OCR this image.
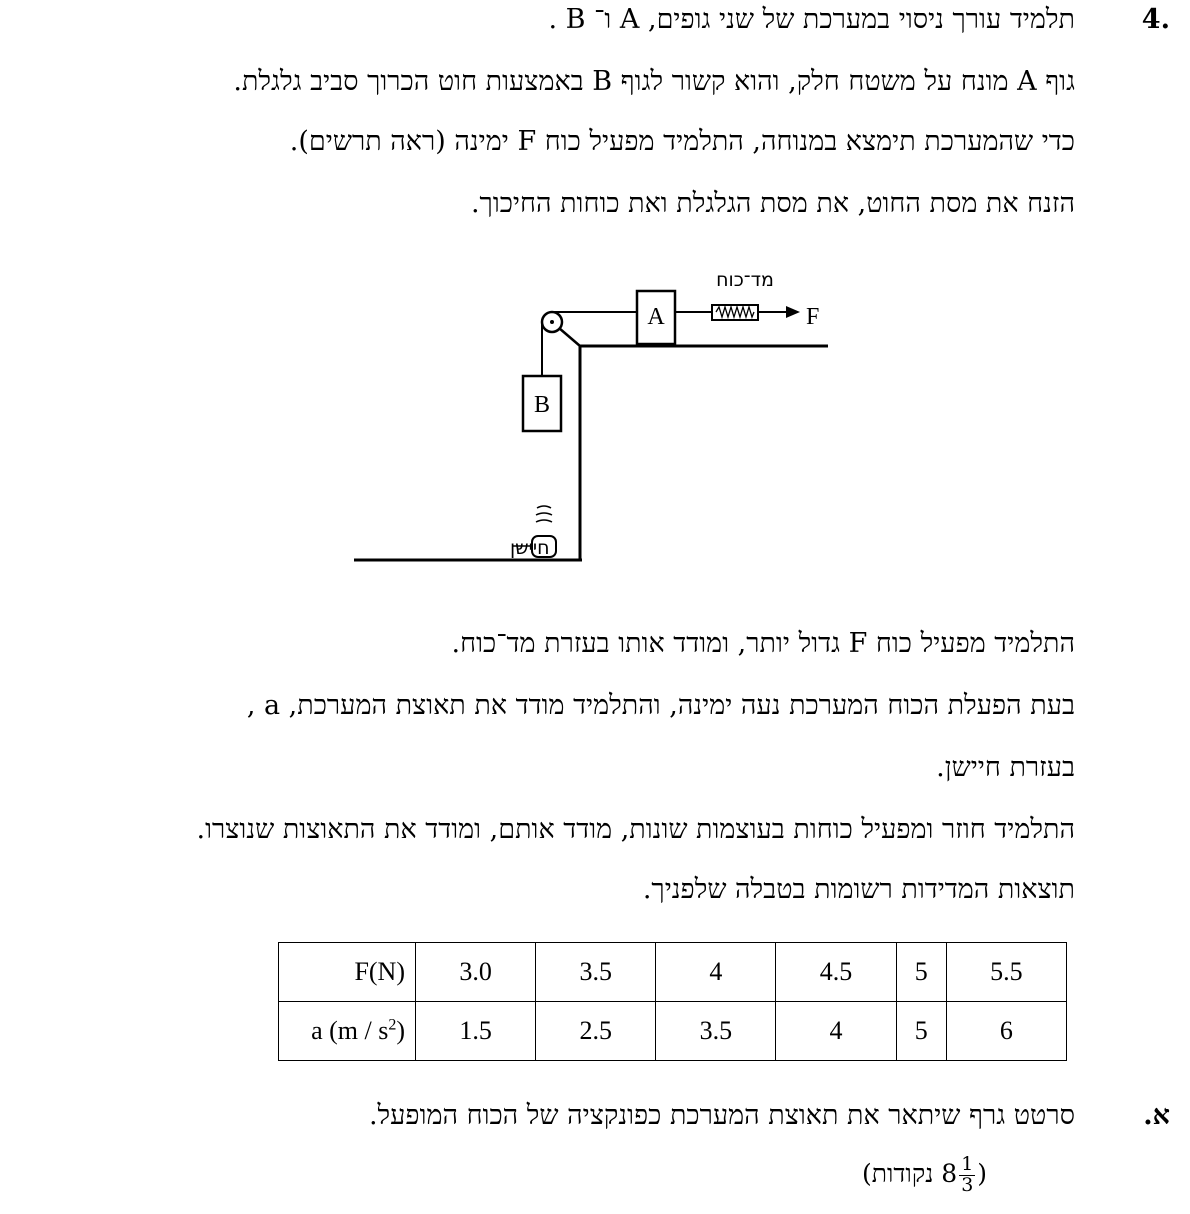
.4
תלמיד עורך ניסוי במערכת של שני גופים, A ו־ B .
גוף A מונח על משטח חלק, והוא קשור לגוף B באמצעות חוט הכרוך סביב גלגלת.
כדי שהמערכת תימצא במנוחה, התלמיד מפעיל כוח F ימינה (ראה תרשים).
הזנח את מסת החוט, את מסת הגלגלת ואת כוחות החיכוך.
A	F
מד־כוח
B
חיישן
התלמיד מפעיל כוח F גדול יותר, ומודד אותו בעזרת מד־כוח.
בעת הפעלת הכוח המערכת נעה ימינה, והתלמיד מודד את תאוצת המערכת, a ,
בעזרת חיישן.
התלמיד חוזר ומפעיל כוחות בעוצמות שונות, מודד אותם, ומודד את התאוצות שנוצרו.
תוצאות המדידות רשומות בטבלה שלפניך.
F(N)	3.0	3.5	4	4.5	5	5.5
a $(m / s^2)$	1.5	2.5	3.5	4	5	6
א.
סרטט גרף שיתאר את תאוצת המערכת כפונקציה של הכוח המופעל.
($8 \frac{1}{3}$
נקודות)
